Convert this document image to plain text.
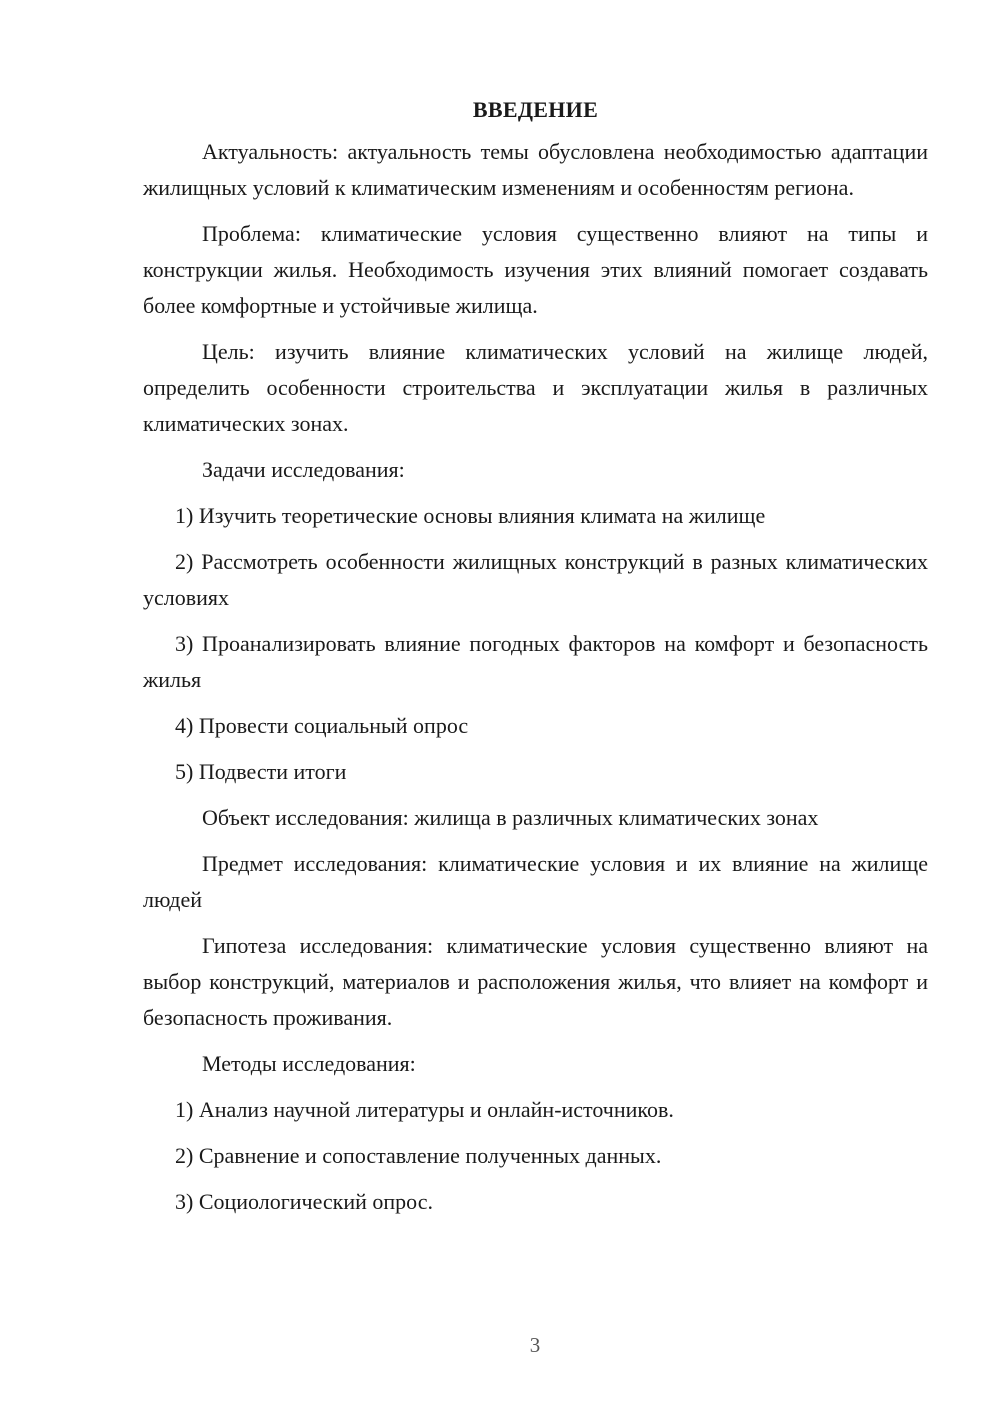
ВВЕДЕНИЕ

Актуальность: актуальность темы обусловлена необходимостью адаптации жилищных условий к климатическим изменениям и особенностям региона.

Проблема: климатические условия существенно влияют на типы и конструкции жилья. Необходимость изучения этих влияний помогает создавать более комфортные и устойчивые жилища.

Цель: изучить влияние климатических условий на жилище людей, определить особенности строительства и эксплуатации жилья в различных климатических зонах.

Задачи исследования:

1) Изучить теоретические основы влияния климата на жилище

2) Рассмотреть особенности жилищных конструкций в разных климатических условиях

3) Проанализировать влияние погодных факторов на комфорт и безопасность жилья

4) Провести социальный опрос

5) Подвести итоги

Объект исследования: жилища в различных климатических зонах

Предмет исследования: климатические условия и их влияние на жилище людей

Гипотеза исследования: климатические условия существенно влияют на выбор конструкций, материалов и расположения жилья, что влияет на комфорт и безопасность проживания.

Методы исследования:

1) Анализ научной литературы и онлайн-источников.

2) Сравнение и сопоставление полученных данных.

3) Социологический опрос.

3
